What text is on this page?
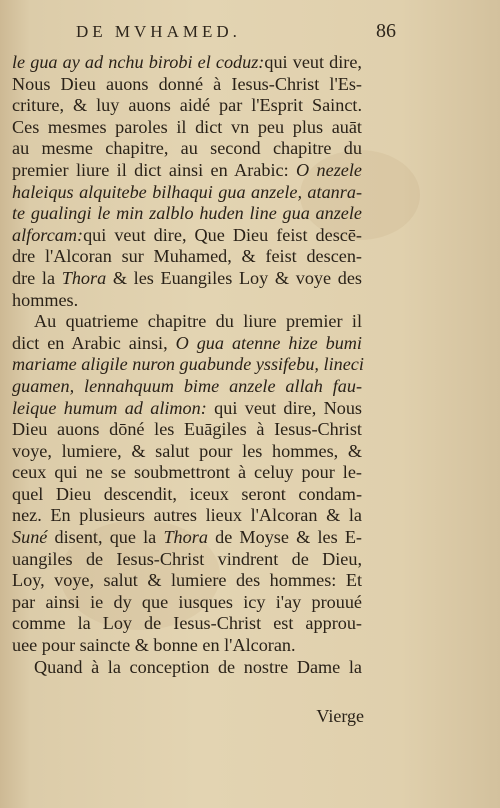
DE MVHAMED.	86
le gua ay ad nchu birobi el coduz:qui veut dire,
Nous Dieu auons donné à Iesus-Christ l'Es-
criture, & luy auons aidé par l'Esprit Sainct.
Ces mesmes paroles il dict vn peu plus auāt
au mesme chapitre, au second chapitre du
premier liure il dict ainsi en Arabic: O nezele
haleiqus alquitebe bilhaqui gua anzele, atanra-
te gualingi le min zalblo huden line gua anzele
alforcam:qui veut dire, Que Dieu feist descē-
dre l'Alcoran sur Muhamed, & feist descen-
dre la Thora & les Euangiles Loy & voye des
hommes.
Au quatrieme chapitre du liure premier il
dict en Arabic ainsi, O gua atenne hize bumi
mariame aligile nuron guabunde yssifebu, lineci
guamen, lennahquum bime anzele allah fau-
leique humum ad alimon: qui veut dire, Nous
Dieu auons dōné les Euāgiles à Iesus-Christ
voye, lumiere, & salut pour les hommes, &
ceux qui ne se soubmettront à celuy pour le-
quel Dieu descendit, iceux seront condam-
nez. En plusieurs autres lieux l'Alcoran & la
Suné disent, que la Thora de Moyse & les E-
uangiles de Iesus-Christ vindrent de Dieu,
Loy, voye, salut & lumiere des hommes: Et
par ainsi ie dy que iusques icy i'ay prouué
comme la Loy de Iesus-Christ est approu-
uee pour saincte & bonne en l'Alcoran.
Quand à la conception de nostre Dame la
Vierge
